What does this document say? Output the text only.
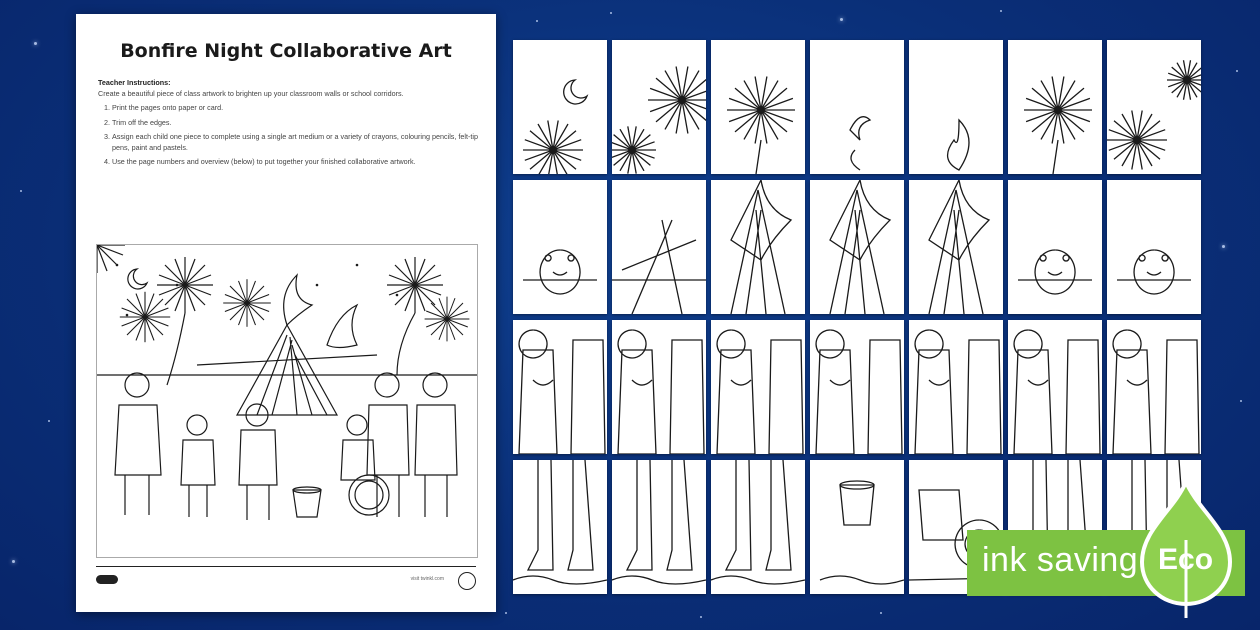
Bonfire Night Collaborative Art
Teacher Instructions:
Create a beautiful piece of class artwork to brighten up your classroom walls or school corridors.
1. Print the pages onto paper or card.
2. Trim off the edges.
3. Assign each child one piece to complete using a single art medium or a variety of crayons, colouring pencils, felt-tip pens, paint and pastels.
4. Use the page numbers and overview (below) to put together your finished collaborative artwork.
visit twinkl.com	ink saving Eco
